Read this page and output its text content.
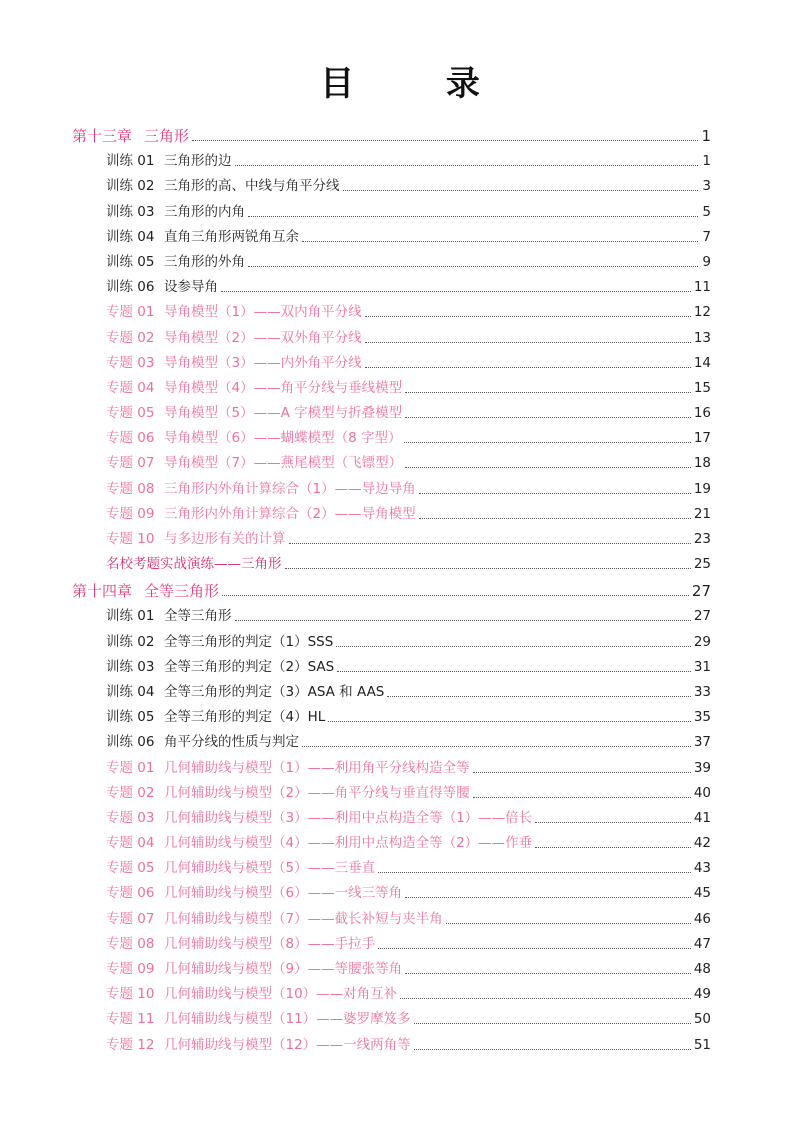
目 录
第十三章 三角形	1
训练 01 三角形的边	1
训练 02 三角形的高、中线与角平分线	3
训练 03 三角形的内角	5
训练 04 直角三角形两锐角互余	7
训练 05 三角形的外角	9
训练 06 设参导角	11
专题 01 导角模型（1）——双内角平分线	12
专题 02 导角模型（2）——双外角平分线	13
专题 03 导角模型（3）——内外角平分线	14
专题 04 导角模型（4）——角平分线与垂线模型	15
专题 05 导角模型（5）——A 字模型与折叠模型	16
专题 06 导角模型（6）——蝴蝶模型（8 字型）	17
专题 07 导角模型（7）——燕尾模型（飞镖型）	18
专题 08 三角形内外角计算综合（1）——导边导角	19
专题 09 三角形内外角计算综合（2）——导角模型	21
专题 10 与多边形有关的计算	23
名校考题实战演练——三角形	25
第十四章 全等三角形	27
训练 01 全等三角形	27
训练 02 全等三角形的判定（1）SSS	29
训练 03 全等三角形的判定（2）SAS	31
训练 04 全等三角形的判定（3）ASA 和 AAS	33
训练 05 全等三角形的判定（4）HL	35
训练 06 角平分线的性质与判定	37
专题 01 几何辅助线与模型（1）——利用角平分线构造全等	39
专题 02 几何辅助线与模型（2）——角平分线与垂直得等腰	40
专题 03 几何辅助线与模型（3）——利用中点构造全等（1）——倍长	41
专题 04 几何辅助线与模型（4）——利用中点构造全等（2）——作垂	42
专题 05 几何辅助线与模型（5）——三垂直	43
专题 06 几何辅助线与模型（6）——一线三等角	45
专题 07 几何辅助线与模型（7）——截长补短与夹半角	46
专题 08 几何辅助线与模型（8）——手拉手	47
专题 09 几何辅助线与模型（9）——等腰张等角	48
专题 10 几何辅助线与模型（10）——对角互补	49
专题 11 几何辅助线与模型（11）——婆罗摩笈多	50
专题 12 几何辅助线与模型（12）——一线两角等	51
